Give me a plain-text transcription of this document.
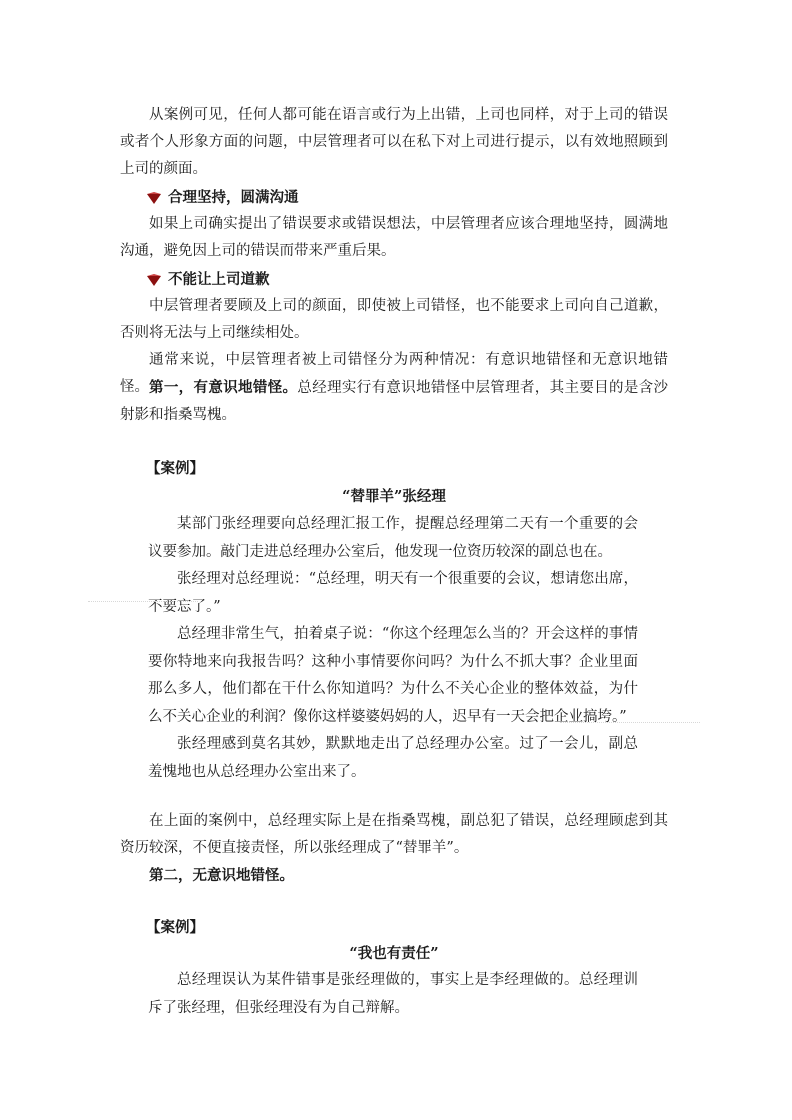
从案例可见，任何人都可能在语言或行为上出错，上司也同样，对于上司的错误或者个人形象方面的问题，中层管理者可以在私下对上司进行提示，以有效地照顾到上司的颜面。

合理坚持，圆满沟通

如果上司确实提出了错误要求或错误想法，中层管理者应该合理地坚持，圆满地沟通，避免因上司的错误而带来严重后果。

不能让上司道歉

中层管理者要顾及上司的颜面，即使被上司错怪，也不能要求上司向自己道歉，否则将无法与上司继续相处。

通常来说，中层管理者被上司错怪分为两种情况：有意识地错怪和无意识地错怪。 第一，有意识地错怪。总经理实行有意识地错怪中层管理者，其主要目的是含沙射影和指桑骂槐。

【案例】
“替罪羊”张经理

某部门张经理要向总经理汇报工作，提醒总经理第二天有一个重要的会议要参加。敲门走进总经理办公室后，他发现一位资历较深的副总也在。

张经理对总经理说：“总经理，明天有一个很重要的会议，想请您出席，不要忘了。”

总经理非常生气，拍着桌子说：“你这个经理怎么当的？开会这样的事情要你特地来向我报告吗？这种小事情要你问吗？为什么不抓大事？企业里面那么多人，他们都在干什么你知道吗？为什么不关心企业的整体效益，为什么不关心企业的利润？像你这样婆婆妈妈的人，迟早有一天会把企业搞垮。”

张经理感到莫名其妙，默默地走出了总经理办公室。过了一会儿，副总羞愧地也从总经理办公室出来了。

在上面的案例中，总经理实际上是在指桑骂槐，副总犯了错误，总经理顾虑到其资历较深，不便直接责怪，所以张经理成了“替罪羊”。

第二，无意识地错怪。

【案例】
“我也有责任”

总经理误认为某件错事是张经理做的，事实上是李经理做的。总经理训斥了张经理，但张经理没有为自己辩解。
